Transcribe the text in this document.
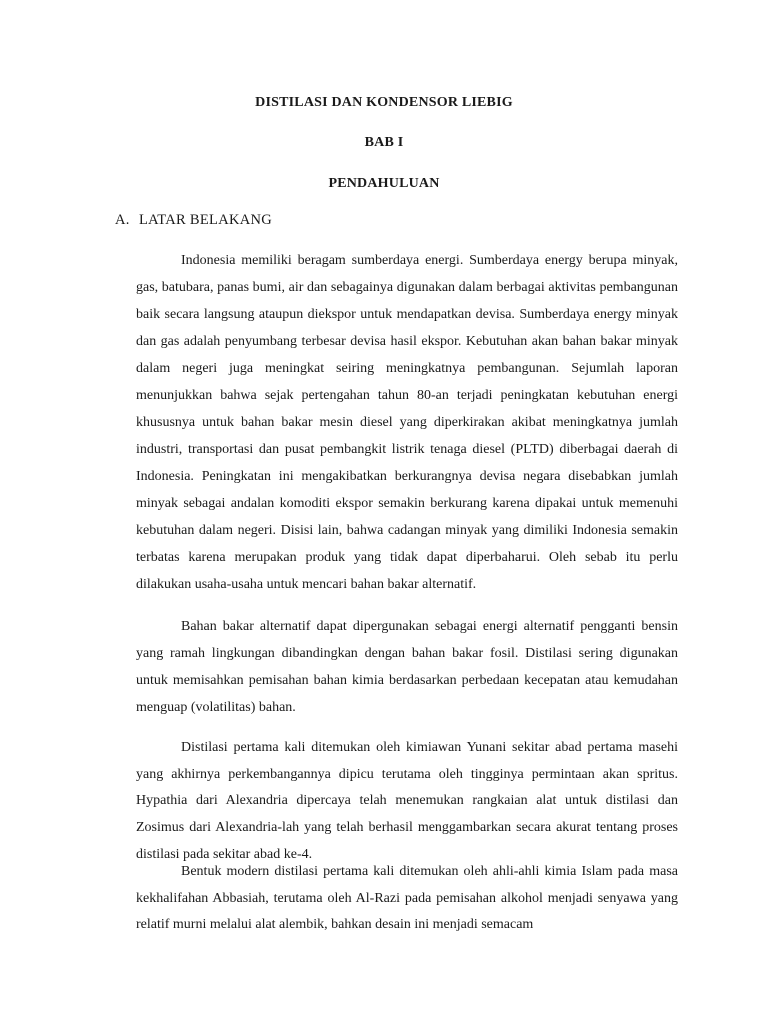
DISTILASI DAN KONDENSOR LIEBIG
BAB I
PENDAHULUAN
A. LATAR BELAKANG

Indonesia memiliki beragam sumberdaya energi. Sumberdaya energy berupa minyak, gas, batubara, panas bumi, air dan sebagainya digunakan dalam berbagai aktivitas pembangunan baik secara langsung ataupun diekspor untuk mendapatkan devisa. Sumberdaya energy minyak dan gas adalah penyumbang terbesar devisa hasil ekspor. Kebutuhan akan bahan bakar minyak dalam negeri juga meningkat seiring meningkatnya pembangunan. Sejumlah laporan menunjukkan bahwa sejak pertengahan tahun 80-an terjadi peningkatan kebutuhan energi khususnya untuk bahan bakar mesin diesel yang diperkirakan akibat meningkatnya jumlah industri, transportasi dan pusat pembangkit listrik tenaga diesel (PLTD) diberbagai daerah di Indonesia. Peningkatan ini mengakibatkan berkurangnya devisa negara disebabkan jumlah minyak sebagai andalan komoditi ekspor semakin berkurang karena dipakai untuk memenuhi kebutuhan dalam negeri. Disisi lain, bahwa cadangan minyak yang dimiliki Indonesia semakin terbatas karena merupakan produk yang tidak dapat diperbaharui. Oleh sebab itu perlu dilakukan usaha-usaha untuk mencari bahan bakar alternatif.

Bahan bakar alternatif dapat dipergunakan sebagai energi alternatif pengganti bensin yang ramah lingkungan dibandingkan dengan bahan bakar fosil. Distilasi sering digunakan untuk memisahkan pemisahan bahan kimia berdasarkan perbedaan kecepatan atau kemudahan menguap (volatilitas) bahan.

Distilasi pertama kali ditemukan oleh kimiawan Yunani sekitar abad pertama masehi yang akhirnya perkembangannya dipicu terutama oleh tingginya permintaan akan spritus. Hypathia dari Alexandria dipercaya telah menemukan rangkaian alat untuk distilasi dan Zosimus dari Alexandria-lah yang telah berhasil menggambarkan secara akurat tentang proses distilasi pada sekitar abad ke-4.

Bentuk modern distilasi pertama kali ditemukan oleh ahli-ahli kimia Islam pada masa kekhalifahan Abbasiah, terutama oleh Al-Razi pada pemisahan alkohol menjadi senyawa yang relatif murni melalui alat alembik, bahkan desain ini menjadi semacam
